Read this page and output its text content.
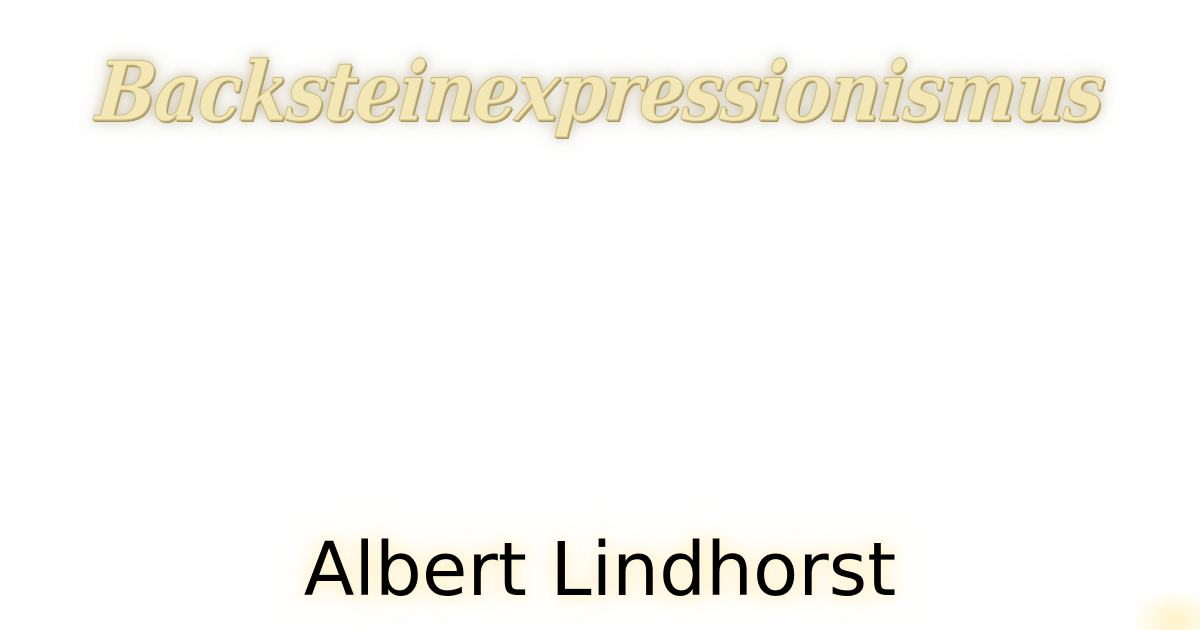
Backsteinexpressionismus
Albert Lindhorst
